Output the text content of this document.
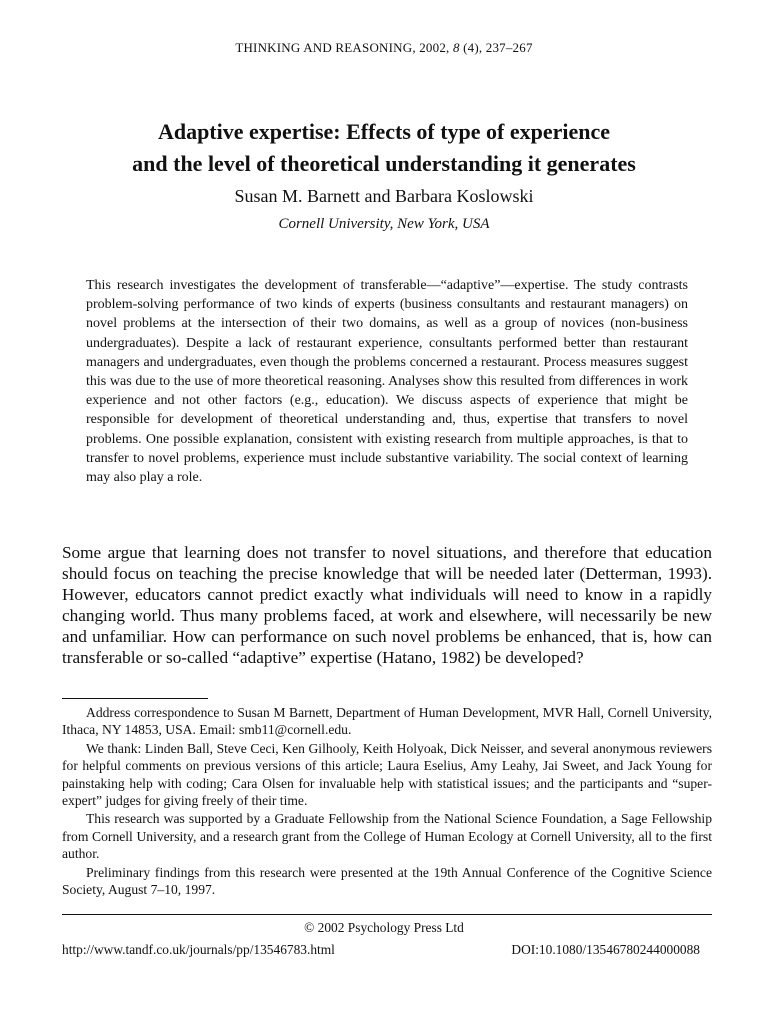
THINKING AND REASONING, 2002, 8 (4), 237–267
Adaptive expertise: Effects of type of experience
and the level of theoretical understanding it generates
Susan M. Barnett and Barbara Koslowski
Cornell University, New York, USA

This research investigates the development of transferable—“adaptive”—expertise. The study contrasts problem-solving performance of two kinds of experts (business consultants and restaurant managers) on novel problems at the intersection of their two domains, as well as a group of novices (non-business undergraduates). Despite a lack of restaurant experience, consultants performed better than restaurant managers and undergraduates, even though the problems concerned a restaurant. Process measures suggest this was due to the use of more theoretical reasoning. Analyses show this resulted from differences in work experience and not other factors (e.g., education). We discuss aspects of experience that might be responsible for development of theoretical understanding and, thus, expertise that transfers to novel problems. One possible explanation, consistent with existing research from multiple approaches, is that to transfer to novel problems, experience must include substantive variability. The social context of learning may also play a role.

Some argue that learning does not transfer to novel situations, and therefore that education should focus on teaching the precise knowledge that will be needed later (Detterman, 1993). However, educators cannot predict exactly what individuals will need to know in a rapidly changing world. Thus many problems faced, at work and elsewhere, will necessarily be new and unfamiliar. How can performance on such novel problems be enhanced, that is, how can transferable or so-called “adaptive” expertise (Hatano, 1982) be developed?

Address correspondence to Susan M Barnett, Department of Human Development, MVR Hall, Cornell University, Ithaca, NY 14853, USA. Email: smb11@cornell.edu.

We thank: Linden Ball, Steve Ceci, Ken Gilhooly, Keith Holyoak, Dick Neisser, and several anonymous reviewers for helpful comments on previous versions of this article; Laura Eselius, Amy Leahy, Jai Sweet, and Jack Young for painstaking help with coding; Cara Olsen for invaluable help with statistical issues; and the participants and “super-expert” judges for giving freely of their time.

This research was supported by a Graduate Fellowship from the National Science Foundation, a Sage Fellowship from Cornell University, and a research grant from the College of Human Ecology at Cornell University, all to the first author.

Preliminary findings from this research were presented at the 19th Annual Conference of the Cognitive Science Society, August 7–10, 1997.

© 2002 Psychology Press Ltd
http://www.tandf.co.uk/journals/pp/13546783.html	DOI:10.1080/13546780244000088
